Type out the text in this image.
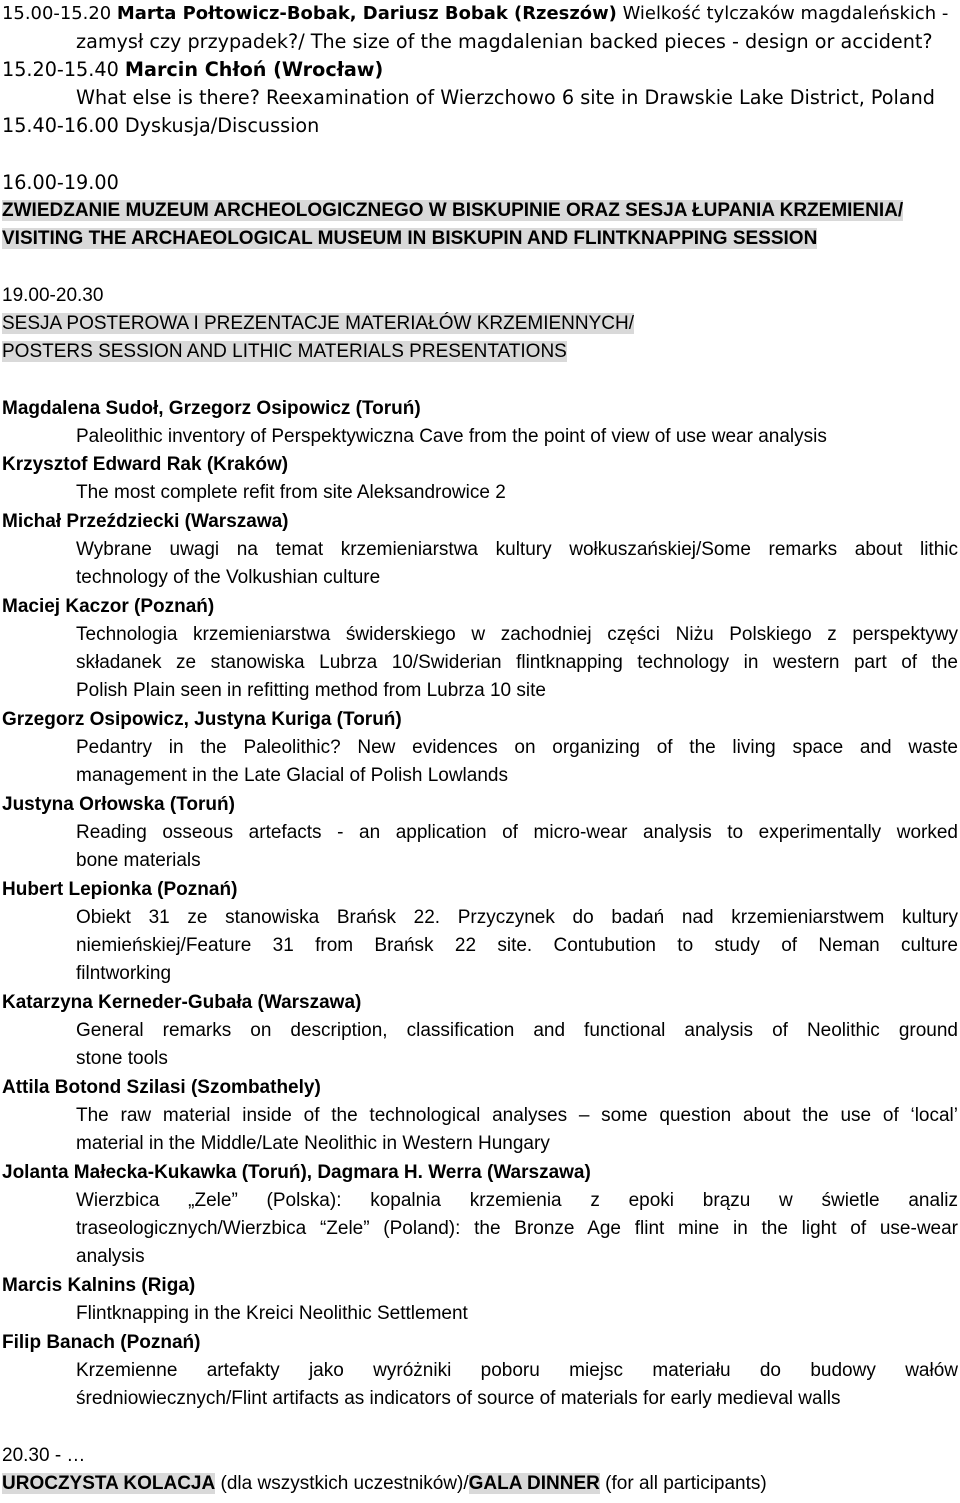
15.00-15.20 Marta Połtowicz-Bobak, Dariusz Bobak (Rzeszów) Wielkość tylczaków magdaleńskich -
zamysł czy przypadek?/ The size of the magdalenian backed pieces - design or accident?
15.20-15.40 Marcin Chłoń (Wrocław)
What else is there? Reexamination of Wierzchowo 6 site in Drawskie Lake District, Poland
15.40-16.00 Dyskusja/Discussion
16.00-19.00
ZWIEDZANIE MUZEUM ARCHEOLOGICZNEGO W BISKUPINIE ORAZ SESJA ŁUPANIA KRZEMIENIA/
VISITING THE ARCHAEOLOGICAL MUSEUM IN BISKUPIN AND FLINTKNAPPING SESSION
19.00-20.30
SESJA POSTEROWA I PREZENTACJE MATERIAŁÓW KRZEMIENNYCH/
POSTERS SESSION AND LITHIC MATERIALS PRESENTATIONS
Magdalena Sudoł, Grzegorz Osipowicz (Toruń)
Paleolithic inventory of Perspektywiczna Cave from the point of view of use wear analysis
Krzysztof Edward Rak (Kraków)
The most complete refit from site Aleksandrowice 2
Michał Przeździecki (Warszawa)
Wybrane uwagi na temat krzemieniarstwa kultury wołkuszańskiej/Some remarks about lithic
technology of the Volkushian culture
Maciej Kaczor (Poznań)
Technologia krzemieniarstwa świderskiego w zachodniej części Niżu Polskiego z perspektywy
składanek ze stanowiska Lubrza 10/Swiderian flintknapping technology in western part of the
Polish Plain seen in refitting method from Lubrza 10 site
Grzegorz Osipowicz, Justyna Kuriga (Toruń)
Pedantry in the Paleolithic? New evidences on organizing of the living space and waste
management in the Late Glacial of Polish Lowlands
Justyna Orłowska (Toruń)
Reading osseous artefacts - an application of micro-wear analysis to experimentally worked
bone materials
Hubert Lepionka (Poznań)
Obiekt 31 ze stanowiska Brańsk 22. Przyczynek do badań nad krzemieniarstwem kultury
niemieńskiej/Feature 31 from Brańsk 22 site. Contubution to study of Neman culture
filntworking
Katarzyna Kerneder-Gubała (Warszawa)
General remarks on description, classification and functional analysis of Neolithic ground
stone tools
Attila Botond Szilasi (Szombathely)
The raw material inside of the technological analyses – some question about the use of ‘local’
material in the Middle/Late Neolithic in Western Hungary
Jolanta Małecka-Kukawka (Toruń), Dagmara H. Werra (Warszawa)
Wierzbica „Zele” (Polska): kopalnia krzemienia z epoki brązu w świetle analiz
traseologicznych/Wierzbica “Zele” (Poland): the Bronze Age flint mine in the light of use-wear
analysis
Marcis Kalnins (Riga)
Flintknapping in the Kreici Neolithic Settlement
Filip Banach (Poznań)
Krzemienne artefakty jako wyróżniki poboru miejsc materiału do budowy wałów
średniowiecznych/Flint artifacts as indicators of source of materials for early medieval walls
20.30 - …
UROCZYSTA KOLACJA (dla wszystkich uczestników)/GALA DINNER (for all participants)
